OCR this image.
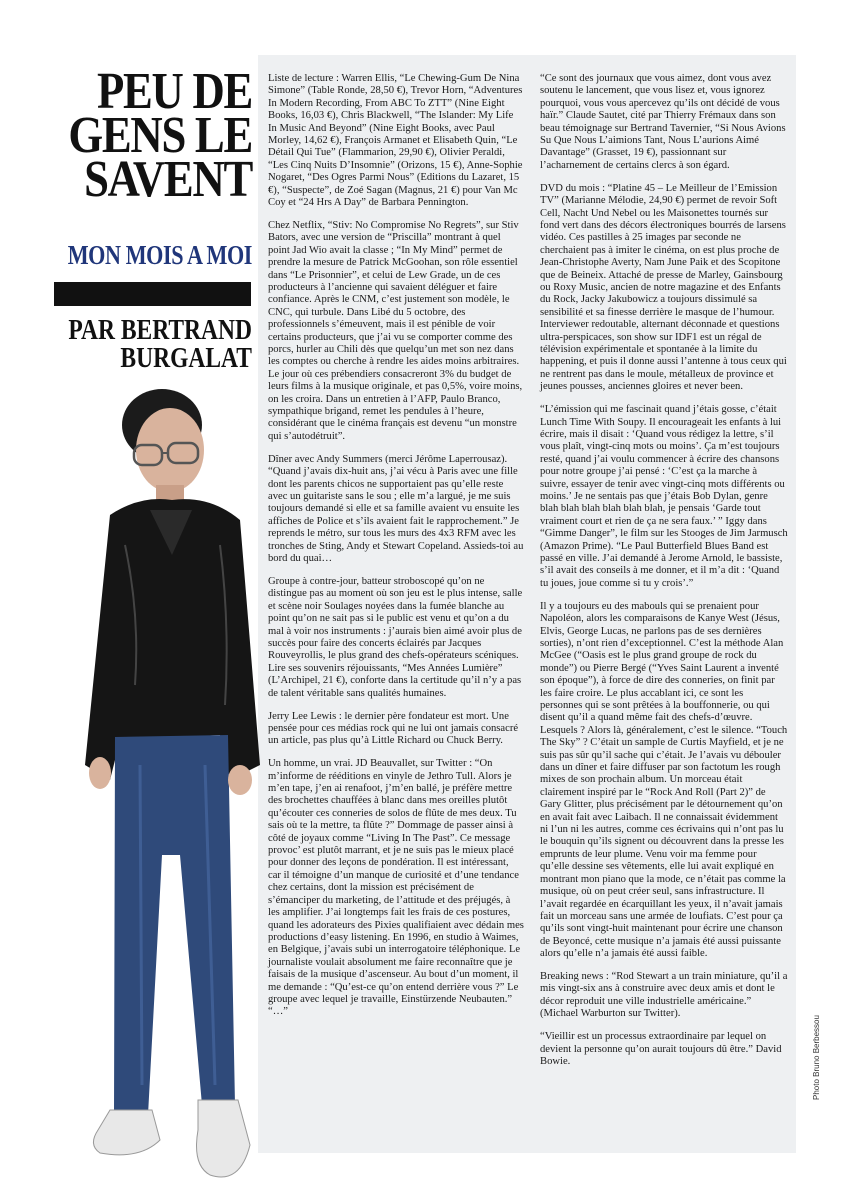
PEU DE GENS LE SAVENT
MON MOIS A MOI
PAR BERTRAND BURGALAT

Liste de lecture : Warren Ellis, “Le Chewing-Gum De Nina Simone” (Table Ronde, 28,50 €), Trevor Horn, “Adventures In Modern Recording, From ABC To ZTT” (Nine Eight Books, 16,03 €), Chris Blackwell, “The Islander: My Life In Music And Beyond” (Nine Eight Books, avec Paul Morley, 14,62 €), François Armanet et Elisabeth Quin, “Le Détail Qui Tue” (Flammarion, 29,90 €), Olivier Peraldi, “Les Cinq Nuits D’Insomnie” (Orizons, 15 €), Anne-Sophie Nogaret, “Des Ogres Parmi Nous” (Editions du Lazaret, 15 €), “Suspecte”, de Zoé Sagan (Magnus, 21 €) pour Van Mc Coy et “24 Hrs A Day” de Barbara Pennington.

Chez Netflix, “Stiv: No Compromise No Regrets”, sur Stiv Bators, avec une version de “Priscilla” montrant à quel point Jad Wio avait la classe ; “In My Mind” permet de prendre la mesure de Patrick McGoohan, son rôle essentiel dans “Le Prisonnier”, et celui de Lew Grade, un de ces producteurs à l’ancienne qui savaient déléguer et faire confiance. Après le CNM, c’est justement son modèle, le CNC, qui turbule. Dans Libé du 5 octobre, des professionnels s’émeuvent, mais il est pénible de voir certains producteurs, que j’ai vu se comporter comme des porcs, hurler au Chili dès que quelqu’un met son nez dans les comptes ou cherche à rendre les aides moins arbitraires. Le jour où ces prébendiers consacreront 3% du budget de leurs films à la musique originale, et pas 0,5%, voire moins, on les croira. Dans un entretien à l’AFP, Paulo Branco, sympathique brigand, remet les pendules à l’heure, considérant que le cinéma français est devenu “un monstre qui s’autodétruit”.

Dîner avec Andy Summers (merci Jérôme Laperrousaz). “Quand j’avais dix-huit ans, j’ai vécu à Paris avec une fille dont les parents chicos ne supportaient pas qu’elle reste avec un guitariste sans le sou ; elle m’a largué, je me suis toujours demandé si elle et sa famille avaient vu ensuite les affiches de Police et s’ils avaient fait le rapprochement.” Je reprends le métro, sur tous les murs des 4x3 RFM avec les tronches de Sting, Andy et Stewart Copeland. Assieds-toi au bord du quai…

Groupe à contre-jour, batteur stroboscopé qu’on ne distingue pas au moment où son jeu est le plus intense, salle et scène noir Soulages noyées dans la fumée blanche au point qu’on ne sait pas si le public est venu et qu’on a du mal à voir nos instruments : j’aurais bien aimé avoir plus de succès pour faire des concerts éclairés par Jacques Rouveyrollis, le plus grand des chefs-opérateurs scéniques. Lire ses souvenirs réjouissants, “Mes Années Lumière” (L’Archipel, 21 €), conforte dans la certitude qu’il n’y a pas de talent véritable sans qualités humaines.

Jerry Lee Lewis : le dernier père fondateur est mort. Une pensée pour ces médias rock qui ne lui ont jamais consacré un article, pas plus qu’à Little Richard ou Chuck Berry.

Un homme, un vrai. JD Beauvallet, sur Twitter : “On m’informe de rééditions en vinyle de Jethro Tull. Alors je m’en tape, j’en ai renafoot, j’m’en ballé, je préfère mettre des brochettes chauffées à blanc dans mes oreilles plutôt qu’écouter ces conneries de solos de flûte de mes deux. Tu sais où te la mettre, ta flûte ?” Dommage de passer ainsi à côté de joyaux comme “Living In The Past”. Ce message provoc’ est plutôt marrant, et je ne suis pas le mieux placé pour donner des leçons de pondération. Il est intéressant, car il témoigne d’un manque de curiosité et d’une tendance chez certains, dont la mission est précisément de s’émanciper du marketing, de l’attitude et des préjugés, à les amplifier. J’ai longtemps fait les frais de ces postures, quand les adorateurs des Pixies qualifiaient avec dédain mes productions d’easy listening. En 1996, en studio à Waimes, en Belgique, j’avais subi un interrogatoire téléphonique. Le journaliste voulait absolument me faire reconnaître que je faisais de la musique d’ascenseur. Au bout d’un moment, il me demande : “Qu’est-ce qu’on entend derrière vous ?” Le groupe avec lequel je travaille, Einstürzende Neubauten.” “…”

“Ce sont des journaux que vous aimez, dont vous avez soutenu le lancement, que vous lisez et, vous ignorez pourquoi, vous vous apercevez qu’ils ont décidé de vous haïr.” Claude Sautet, cité par Thierry Frémaux dans son beau témoignage sur Bertrand Tavernier, “Si Nous Avions Su Que Nous L’aimions Tant, Nous L’aurions Aimé Davantage” (Grasset, 19 €), passionnant sur l’acharnement de certains clercs à son égard.

DVD du mois : “Platine 45 – Le Meilleur de l’Emission TV” (Marianne Mélodie, 24,90 €) permet de revoir Soft Cell, Nacht Und Nebel ou les Maisonettes tournés sur fond vert dans des décors électroniques bourrés de larsens vidéo. Ces pastilles à 25 images par seconde ne cherchaient pas à imiter le cinéma, on est plus proche de Jean-Christophe Averty, Nam June Paik et des Scopitone que de Beineix. Attaché de presse de Marley, Gainsbourg ou Roxy Music, ancien de notre magazine et des Enfants du Rock, Jacky Jakubowicz a toujours dissimulé sa sensibilité et sa finesse derrière le masque de l’humour. Interviewer redoutable, alternant déconnade et questions ultra-perspicaces, son show sur IDF1 est un régal de télévision expérimentale et spontanée à la limite du happening, et puis il donne aussi l’antenne à tous ceux qui ne rentrent pas dans le moule, métalleux de province et jeunes pousses, anciennes gloires et never been.

“L’émission qui me fascinait quand j’étais gosse, c’était Lunch Time With Soupy. Il encourageait les enfants à lui écrire, mais il disait : ‘Quand vous rédigez la lettre, s’il vous plaît, vingt-cinq mots ou moins’. Ça m’est toujours resté, quand j’ai voulu commencer à écrire des chansons pour notre groupe j’ai pensé : ‘C’est ça la marche à suivre, essayer de tenir avec vingt-cinq mots différents ou moins.’ Je ne sentais pas que j’étais Bob Dylan, genre blah blah blah blah blah blah, je pensais ‘Garde tout vraiment court et rien de ça ne sera faux.’ ” Iggy dans “Gimme Danger”, le film sur les Stooges de Jim Jarmusch (Amazon Prime). “Le Paul Butterfield Blues Band est passé en ville. J’ai demandé à Jerome Arnold, le bassiste, s’il avait des conseils à me donner, et il m’a dit : ‘Quand tu joues, joue comme si tu y crois’.”

Il y a toujours eu des mabouls qui se prenaient pour Napoléon, alors les comparaisons de Kanye West (Jésus, Elvis, George Lucas, ne parlons pas de ses dernières sorties), n’ont rien d’exceptionnel. C’est la méthode Alan McGee (“Oasis est le plus grand groupe de rock du monde”) ou Pierre Bergé (“Yves Saint Laurent a inventé son époque”), à force de dire des conneries, on finit par les faire croire. Le plus accablant ici, ce sont les personnes qui se sont prêtées à la bouffonnerie, ou qui disent qu’il a quand même fait des chefs-d’œuvre. Lesquels ? Alors là, généralement, c’est le silence. “Touch The Sky” ? C’était un sample de Curtis Mayfield, et je ne suis pas sûr qu’il sache qui c’était. Je l’avais vu débouler dans un dîner et faire diffuser par son factotum les rough mixes de son prochain album. Un morceau était clairement inspiré par le “Rock And Roll (Part 2)” de Gary Glitter, plus précisément par le détournement qu’on en avait fait avec Laibach. Il ne connaissait évidemment ni l’un ni les autres, comme ces écrivains qui n’ont pas lu le bouquin qu’ils signent ou découvrent dans la presse les emprunts de leur plume. Venu voir ma femme pour qu’elle dessine ses vêtements, elle lui avait expliqué en montrant mon piano que la mode, ce n’était pas comme la musique, où on peut créer seul, sans infrastructure. Il l’avait regardée en écarquillant les yeux, il n’avait jamais fait un morceau sans une armée de loufiats. C’est pour ça qu’ils sont vingt-huit maintenant pour écrire une chanson de Beyoncé, cette musique n’a jamais été aussi puissante alors qu’elle n’a jamais été aussi faible.

Breaking news : “Rod Stewart a un train miniature, qu’il a mis vingt-six ans à construire avec deux amis et dont le décor reproduit une ville industrielle américaine.” (Michael Warburton sur Twitter).

“Vieillir est un processus extraordinaire par lequel on devient la personne qu’on aurait toujours dû être.” David Bowie.	Photo Bruno Berbessou
